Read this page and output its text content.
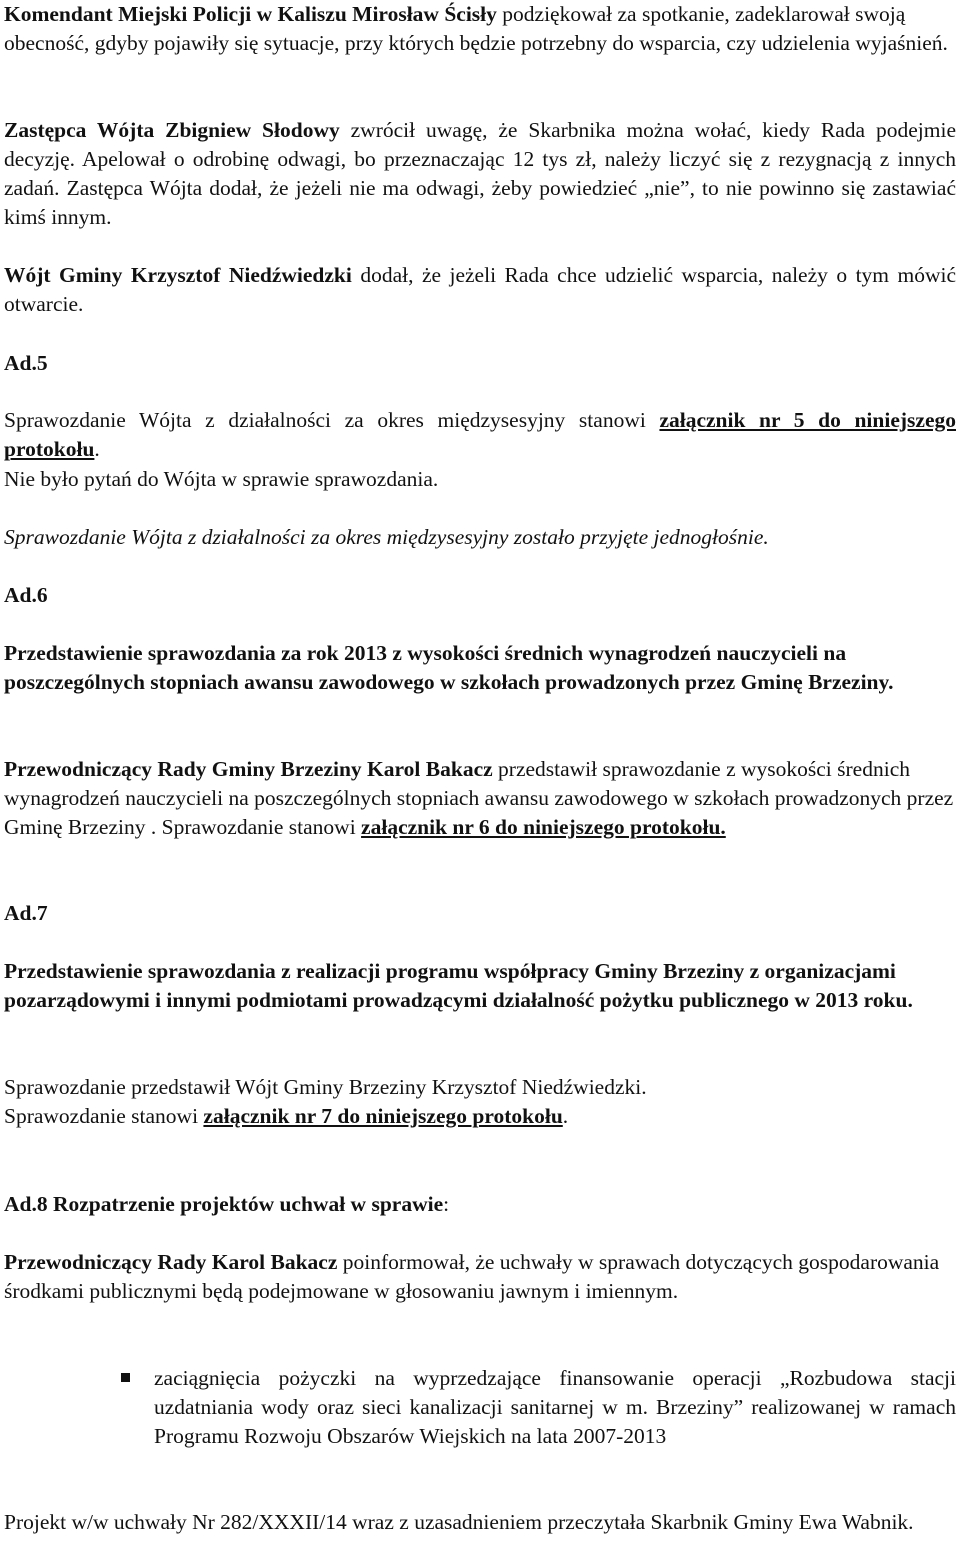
Komendant Miejski Policji w Kaliszu Mirosław Ścisły podziękował za spotkanie, zadeklarował swoją obecność, gdyby pojawiły się sytuacje, przy których będzie potrzebny do wsparcia, czy udzielenia wyjaśnień.
Zastępca Wójta Zbigniew Słodowy zwrócił uwagę, że Skarbnika można wołać, kiedy Rada podejmie decyzję. Apelował o odrobinę odwagi, bo przeznaczając 12 tys zł, należy liczyć się z rezygnacją z innych zadań. Zastępca Wójta dodał, że jeżeli nie ma odwagi, żeby powiedzieć „nie”, to nie powinno się zastawiać kimś innym.
Wójt Gminy Krzysztof Niedźwiedzki dodał, że jeżeli Rada chce udzielić wsparcia, należy o tym mówić otwarcie.
Ad.5
Sprawozdanie Wójta z działalności za okres międzysesyjny stanowi załącznik nr 5 do niniejszego protokołu.
Nie było pytań do Wójta w sprawie sprawozdania.
Sprawozdanie Wójta z działalności za okres międzysesyjny zostało przyjęte jednogłośnie.
Ad.6
Przedstawienie sprawozdania za rok 2013 z wysokości średnich wynagrodzeń nauczycieli na poszczególnych stopniach awansu zawodowego w szkołach prowadzonych przez Gminę Brzeziny.
Przewodniczący Rady Gminy Brzeziny Karol Bakacz przedstawił sprawozdanie z wysokości średnich wynagrodzeń nauczycieli na poszczególnych stopniach awansu zawodowego w szkołach prowadzonych przez Gminę Brzeziny . Sprawozdanie stanowi załącznik nr 6 do niniejszego protokołu.
Ad.7
Przedstawienie sprawozdania z realizacji programu współpracy Gminy Brzeziny z organizacjami pozarządowymi i innymi podmiotami prowadzącymi działalność pożytku publicznego w 2013 roku.
Sprawozdanie przedstawił Wójt Gminy Brzeziny Krzysztof Niedźwiedzki.
Sprawozdanie stanowi załącznik nr 7 do niniejszego protokołu.
Ad.8 Rozpatrzenie projektów uchwał w sprawie:
Przewodniczący Rady Karol Bakacz poinformował, że uchwały w sprawach dotyczących gospodarowania środkami publicznymi będą podejmowane w głosowaniu jawnym i imiennym.
zaciągnięcia pożyczki na wyprzedzające finansowanie operacji „Rozbudowa stacji uzdatniania wody oraz sieci kanalizacji sanitarnej w m. Brzeziny” realizowanej w ramach Programu Rozwoju Obszarów Wiejskich na lata 2007-2013
Projekt w/w uchwały Nr 282/XXXII/14 wraz z uzasadnieniem przeczytała Skarbnik Gminy Ewa Wabnik.
